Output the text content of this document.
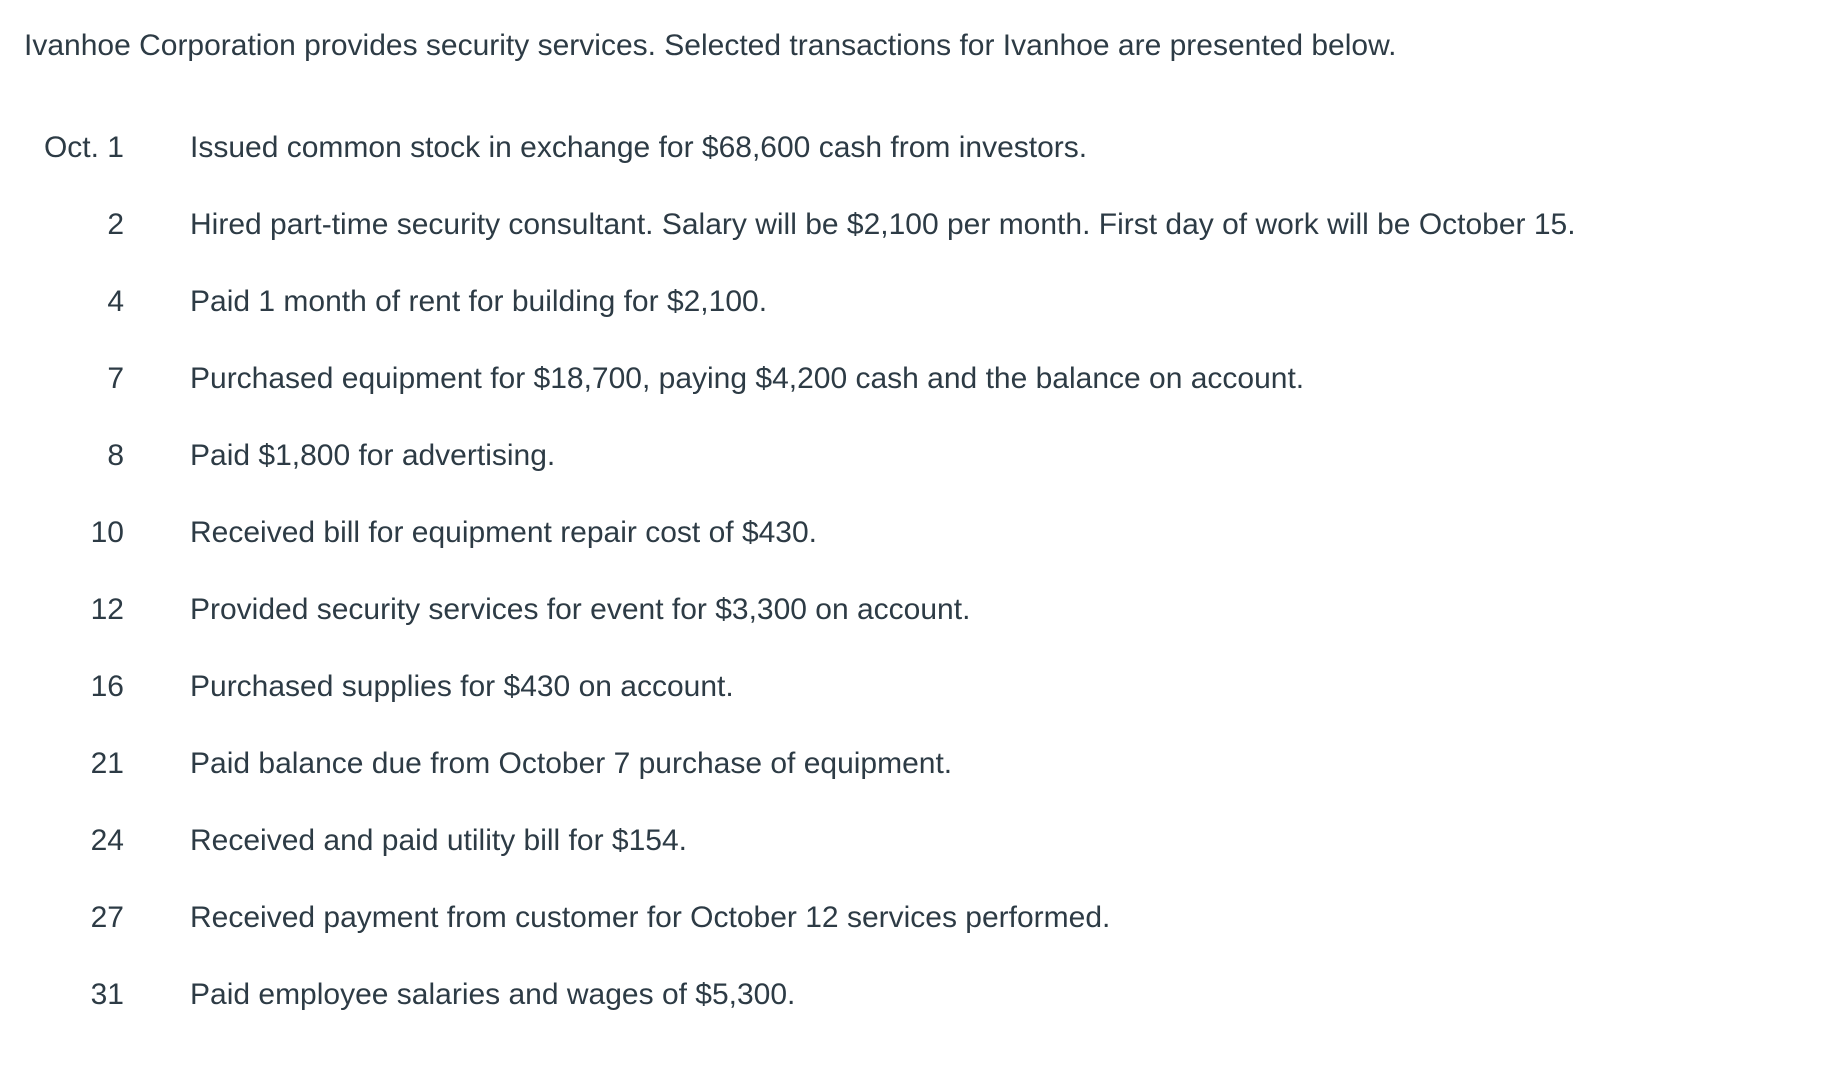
Ivanhoe Corporation provides security services. Selected transactions for Ivanhoe are presented below.

Oct. 1 Issued common stock in exchange for $68,600 cash from investors.
2 Hired part-time security consultant. Salary will be $2,100 per month. First day of work will be October 15.
4 Paid 1 month of rent for building for $2,100.
7 Purchased equipment for $18,700, paying $4,200 cash and the balance on account.
8 Paid $1,800 for advertising.
10 Received bill for equipment repair cost of $430.
12 Provided security services for event for $3,300 on account.
16 Purchased supplies for $430 on account.
21 Paid balance due from October 7 purchase of equipment.
24 Received and paid utility bill for $154.
27 Received payment from customer for October 12 services performed.
31 Paid employee salaries and wages of $5,300.
